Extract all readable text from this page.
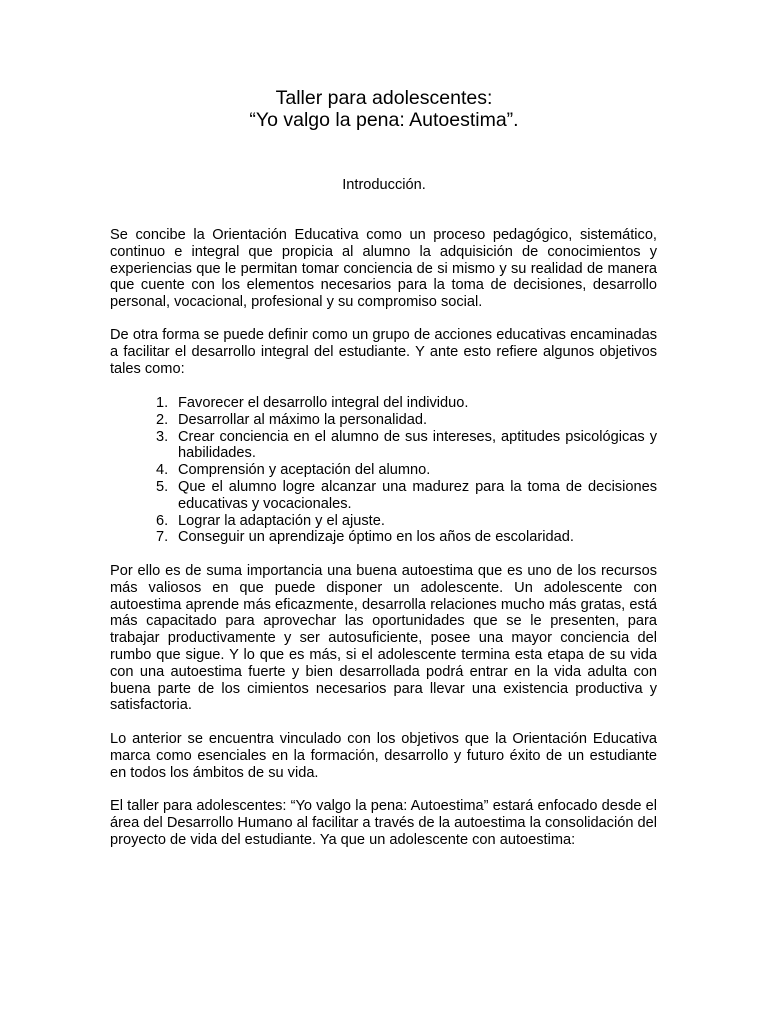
Taller para adolescentes:
“Yo valgo la pena: Autoestima”.
Introducción.

Se concibe la Orientación Educativa como un proceso pedagógico, sistemático, continuo e integral que propicia al alumno la adquisición de conocimientos y experiencias que le permitan tomar conciencia de si mismo y su realidad de manera que cuente con los elementos necesarios para la toma de decisiones, desarrollo personal, vocacional, profesional y su compromiso social.

De otra forma se puede definir como un grupo de acciones educativas encaminadas a facilitar el desarrollo integral del estudiante. Y ante esto refiere algunos objetivos tales como:

1. Favorecer el desarrollo integral del individuo.
2. Desarrollar al máximo la personalidad.
3. Crear conciencia en el alumno de sus intereses, aptitudes psicológicas y habilidades.
4. Comprensión y aceptación del alumno.
5. Que el alumno logre alcanzar una madurez para la toma de decisiones educativas y vocacionales.
6. Lograr la adaptación y el ajuste.
7. Conseguir un aprendizaje óptimo en los años de escolaridad.

Por ello es de suma importancia una buena autoestima que es uno de los recursos más valiosos en que puede disponer un adolescente. Un adolescente con autoestima aprende más eficazmente, desarrolla relaciones mucho más gratas, está más capacitado para aprovechar las oportunidades que se le presenten, para trabajar productivamente y ser autosuficiente, posee una mayor conciencia del rumbo que sigue. Y lo que es más, si el adolescente termina esta etapa de su vida con una autoestima fuerte y bien desarrollada podrá entrar en la vida adulta con buena parte de los cimientos necesarios para llevar una existencia productiva y satisfactoria.

Lo anterior se encuentra vinculado con los objetivos que la Orientación Educativa marca como esenciales en la formación, desarrollo y futuro éxito de un estudiante en todos los ámbitos de su vida.

El taller para adolescentes: “Yo valgo la pena: Autoestima” estará enfocado desde el área del Desarrollo Humano al facilitar a través de la autoestima la consolidación del proyecto de vida del estudiante. Ya que un adolescente con autoestima:
